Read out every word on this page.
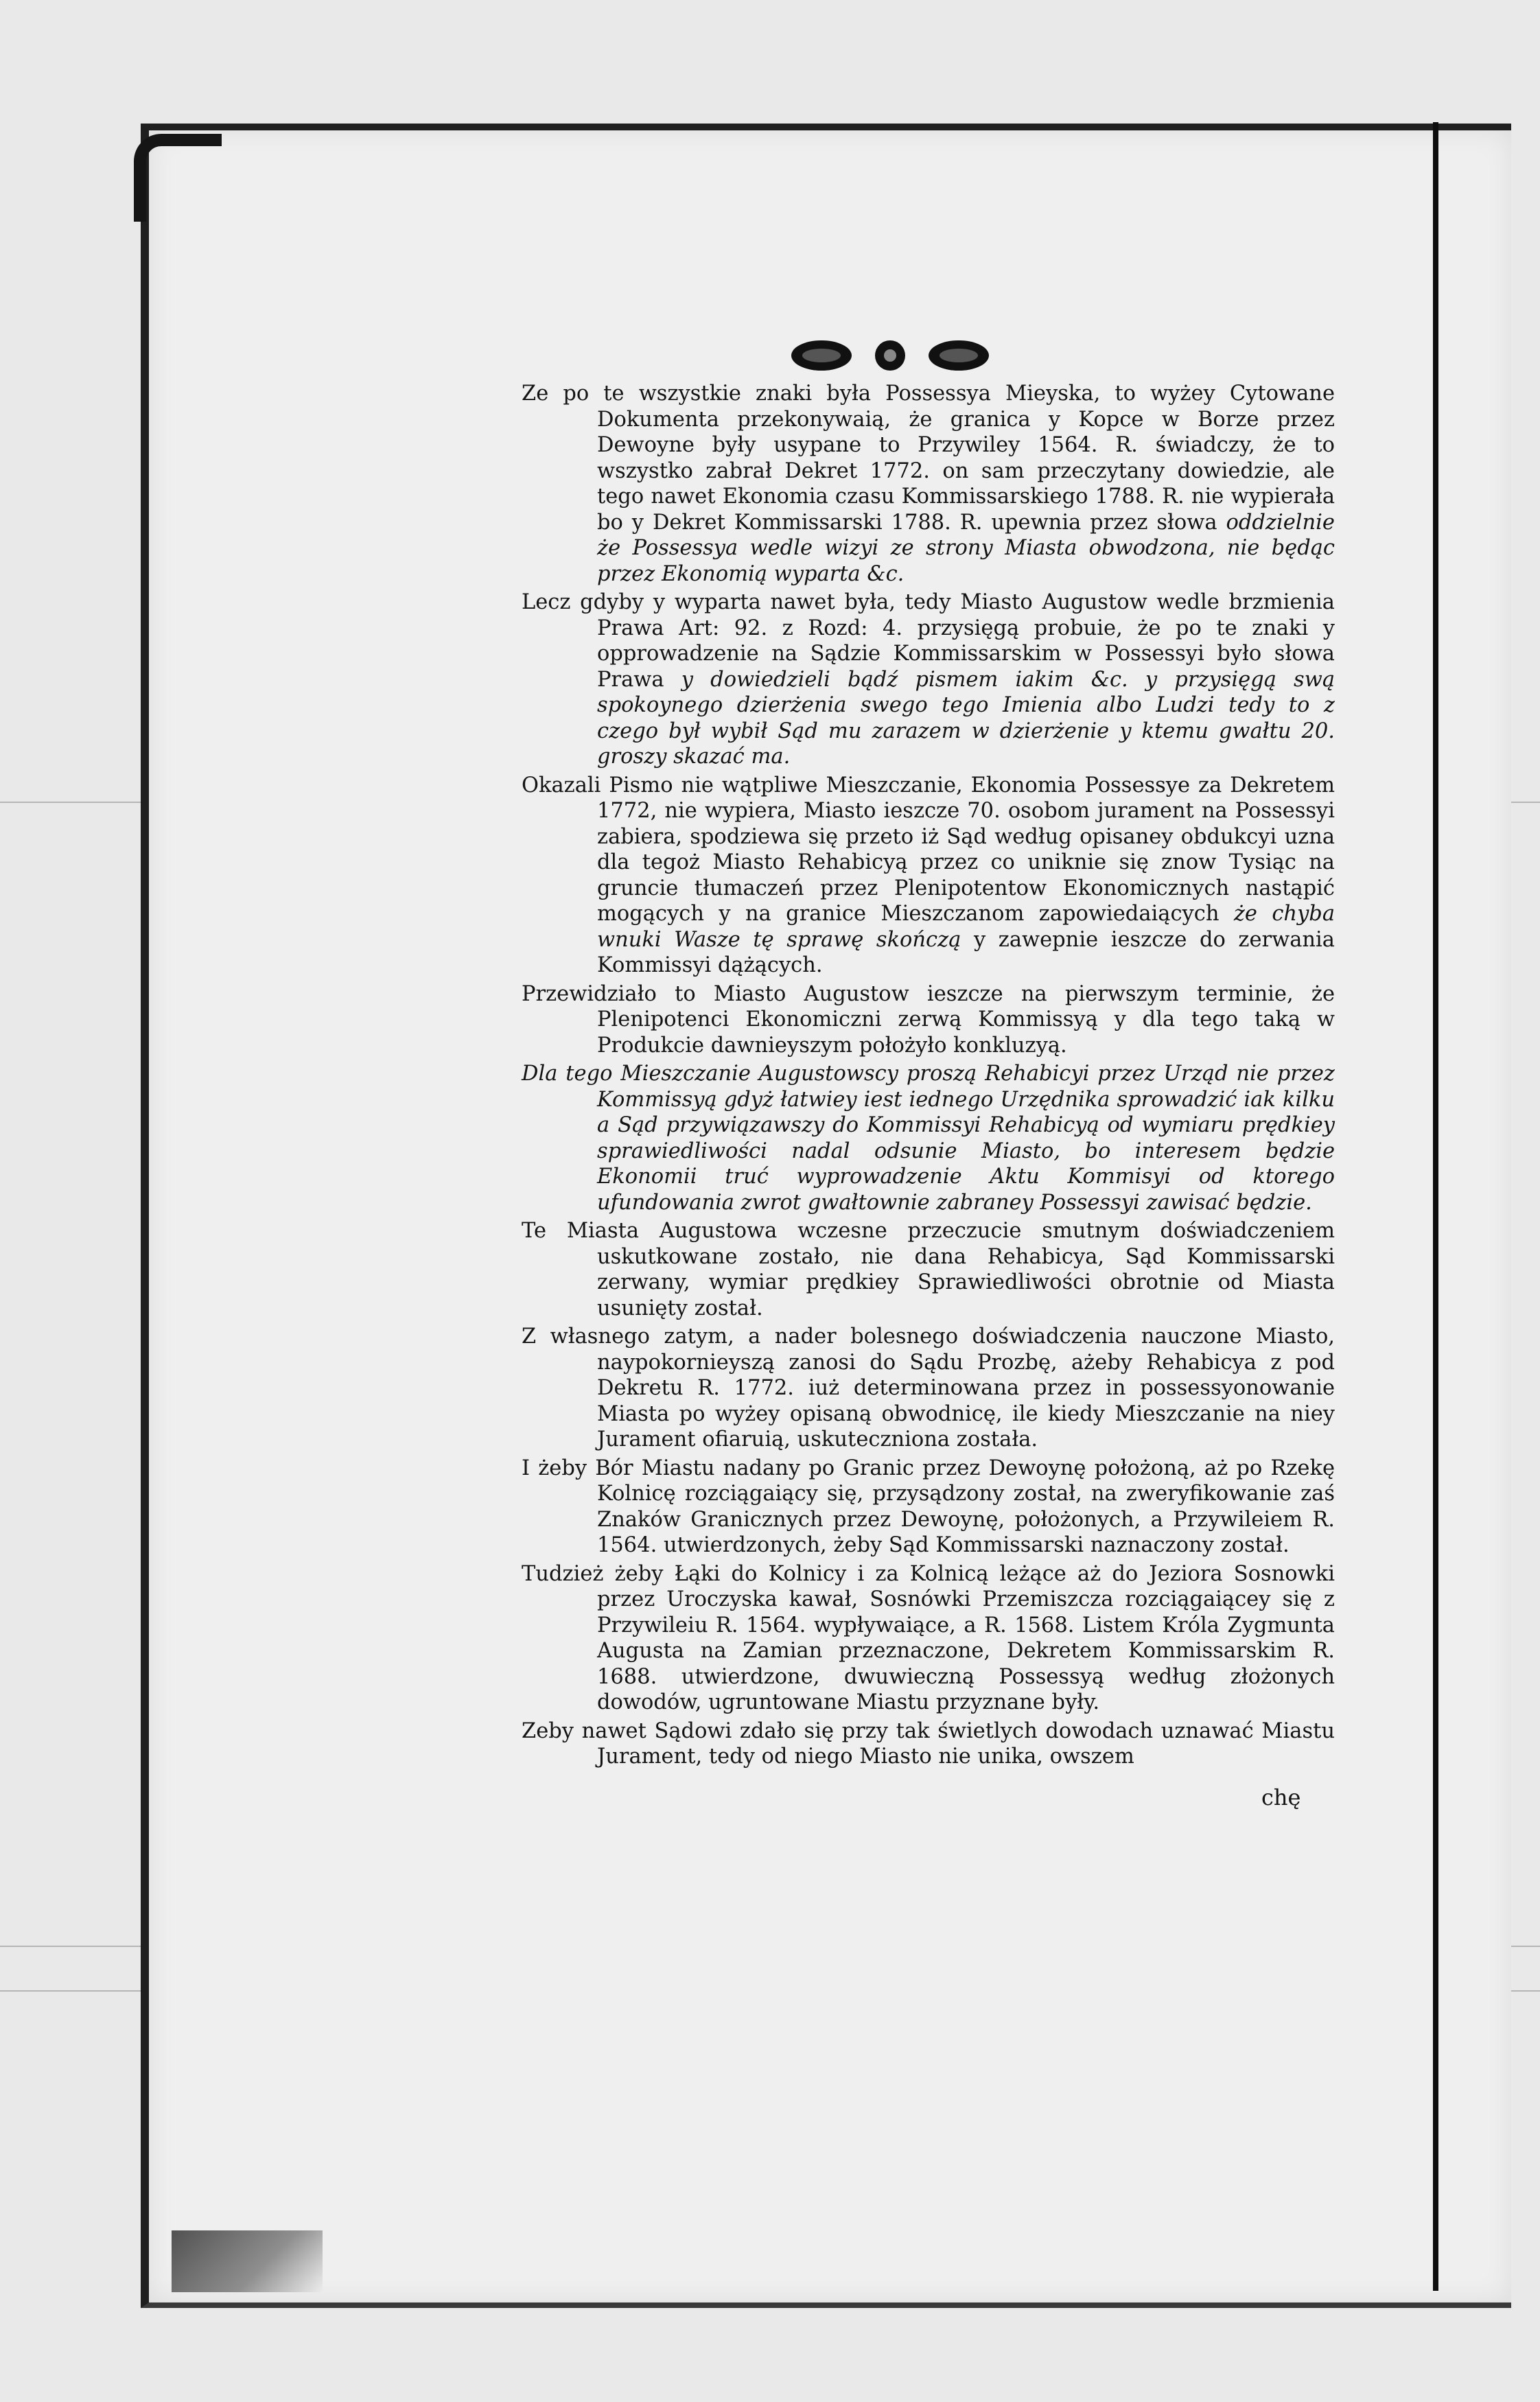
Ze po te wszystkie znaki była Possessya Mieyska, to wyżey Cytowane Dokumenta przekonywaią, że granica y Kopce w Borze przez Dewoyne były usypane to Przywiley 1564. R. świadczy, że to wszystko zabrał Dekret 1772. on sam przeczytany dowiedzie, ale tego nawet Ekonomia czasu Kommissarskiego 1788. R. nie wypierała bo y Dekret Kommissarski 1788. R. upewnia przez słowa oddzielnie że Possessya wedle wizyi ze strony Miasta obwodzona, nie będąc przez Ekonomią wyparta &c.

Lecz gdyby y wyparta nawet była, tedy Miasto Augustow wedle brzmienia Prawa Art: 92. z Rozd: 4. przysięgą probuie, że po te znaki y opprowadzenie na Sądzie Kommissarskim w Possessyi było słowa Prawa y dowiedzieli bądź pismem iakim &c. y przysięgą swą spokoynego dzierżenia swego tego Imienia albo Ludzi tedy to z czego był wybił Sąd mu zarazem w dzierżenie y ktemu gwałtu 20. groszy skazać ma.

Okazali Pismo nie wątpliwe Mieszczanie, Ekonomia Possessye za Dekretem 1772, nie wypiera, Miasto ieszcze 70. osobom jurament na Possessyi zabiera, spodziewa się przeto iż Sąd według opisaney obdukcyi uzna dla tegoż Miasto Rehabicyą przez co uniknie się znow Tysiąc na gruncie tłumaczeń przez Plenipotentow Ekonomicznych nastąpić mogących y na granice Mieszczanom zapowiedaiących że chyba wnuki Wasze tę sprawę skończą y zawepnie ieszcze do zerwania Kommissyi dążących.

Przewidziało to Miasto Augustow ieszcze na pierwszym terminie, że Plenipotenci Ekonomiczni zerwą Kommissyą y dla tego taką w Produkcie dawnieyszym położyło konkluzyą.

Dla tego Mieszczanie Augustowscy proszą Rehabicyi przez Urząd nie przez Kommissyą gdyż łatwiey iest iednego Urzędnika sprowadzić iak kilku a Sąd przywiązawszy do Kommissyi Rehabicyą od wymiaru prędkiey sprawiedliwości nadal odsunie Miasto, bo interesem będzie Ekonomii truć wyprowadzenie Aktu Kommisyi od ktorego ufundowania zwrot gwałtownie zabraney Possessyi zawisać będzie.

Te Miasta Augustowa wczesne przeczucie smutnym doświadczeniem uskutkowane zostało, nie dana Rehabicya, Sąd Kommissarski zerwany, wymiar prędkiey Sprawiedliwości obrotnie od Miasta usunięty został.

Z własnego zatym, a nader bolesnego doświadczenia nauczone Miasto, naypokornieyszą zanosi do Sądu Prozbę, ażeby Rehabicya z pod Dekretu R. 1772. iuż determinowana przez in possessyonowanie Miasta po wyżey opisaną obwodnicę, ile kiedy Mieszczanie na niey Jurament ofiaruią, uskuteczniona została.

I żeby Bór Miastu nadany po Granic przez Dewoynę położoną, aż po Rzekę Kolnicę rozciągaiący się, przysądzony został, na zweryfikowanie zaś Znaków Granicznych przez Dewoynę, położonych, a Przywileiem R. 1564. utwierdzonych, żeby Sąd Kommissarski naznaczony został.

Tudzież żeby Łąki do Kolnicy i za Kolnicą leżące aż do Jeziora Sosnowki przez Uroczyska kawał, Sosnówki Przemiszcza rozciągaiącey się z Przywileiu R. 1564. wypływaiące, a R. 1568. Listem Króla Zygmunta Augusta na Zamian przeznaczone, Dekretem Kommissarskim R. 1688. utwierdzone, dwuwieczną Possessyą według złożonych dowodów, ugruntowane Miastu przyznane były.

Zeby nawet Sądowi zdało się przy tak świetlych dowodach uznawać Miastu Jurament, tedy od niego Miasto nie unika, owszem

chę
